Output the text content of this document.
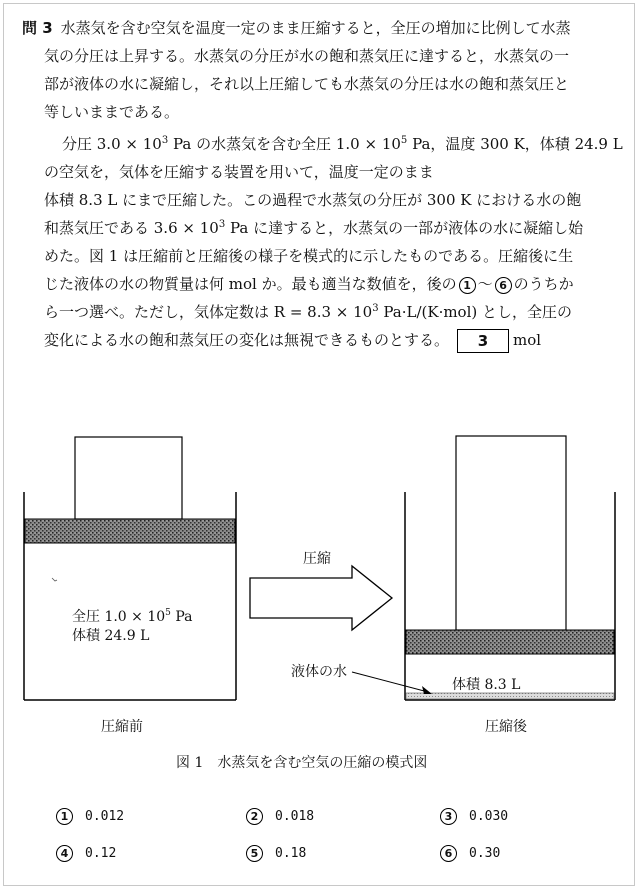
問 3 水蒸気を含む空気を温度一定のまま圧縮すると，全圧の増加に比例して水蒸
気の分圧は上昇する。水蒸気の分圧が水の飽和蒸気圧に達すると，水蒸気の一
部が液体の水に凝縮し，それ以上圧縮しても水蒸気の分圧は水の飽和蒸気圧と
等しいままである。
分圧 $3.0 \times 10^3$ Pa の水蒸気を含む全圧 $1.0 \times 10^5$ Pa，温度 300 K，体積 24.9 L
の空気を，気体を圧縮する装置を用いて，温度一定のまま
体積 8.3 L にまで圧縮した。この過程で水蒸気の分圧が 300 K における水の飽
和蒸気圧である $3.6 \times 10^3$ Pa に達すると，水蒸気の一部が液体の水に凝縮し始
めた。図 1 は圧縮前と圧縮後の様子を模式的に示したものである。圧縮後に生
じた液体の水の物質量は何 mol か。最も適当な数値を，後の 1 ～ 6 のうちか
ら一つ選べ。ただし，気体定数は $R = 8.3 \times 10^3$ Pa·L/(K·mol) とし，全圧の
変化による水の飽和蒸気圧の変化は無視できるものとする。 3 mol
全圧 $1.0 \times 10^5$ Pa
体積 24.9 L
圧縮
液体の水
体積 8.3 L
圧縮前	圧縮後
図 1　水蒸気を含む空気の圧縮の模式図
1	0.012	2	0.018	3	0.030
4	0.12	5	0.18	6	0.30
